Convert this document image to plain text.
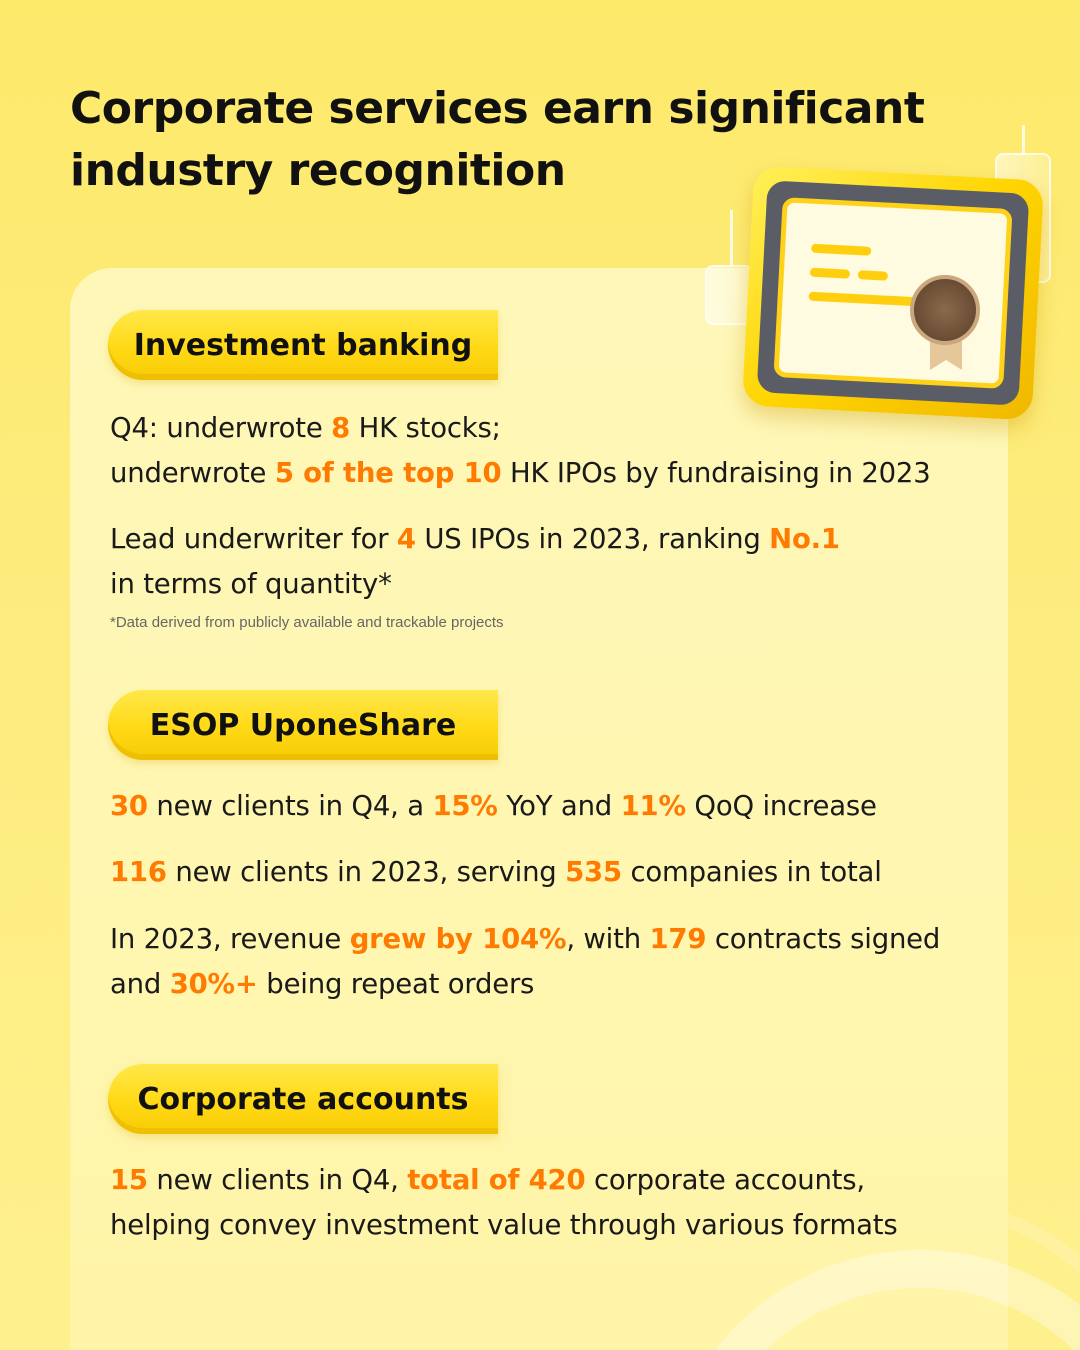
Corporate services earn significant industry recognition
Investment banking

Q4: underwrote 8 HK stocks;
underwrote 5 of the top 10 HK IPOs by fundraising in 2023

Lead underwriter for 4 US IPOs in 2023, ranking No.1
in terms of quantity*

*Data derived from publicly available and trackable projects
ESOP UponeShare

30 new clients in Q4, a 15% YoY and 11% QoQ increase

116 new clients in 2023, serving 535 companies in total

In 2023, revenue grew by 104%, with 179 contracts signed
and 30%+ being repeat orders

Corporate accounts

15 new clients in Q4, total of 420 corporate accounts,
helping convey investment value through various formats
